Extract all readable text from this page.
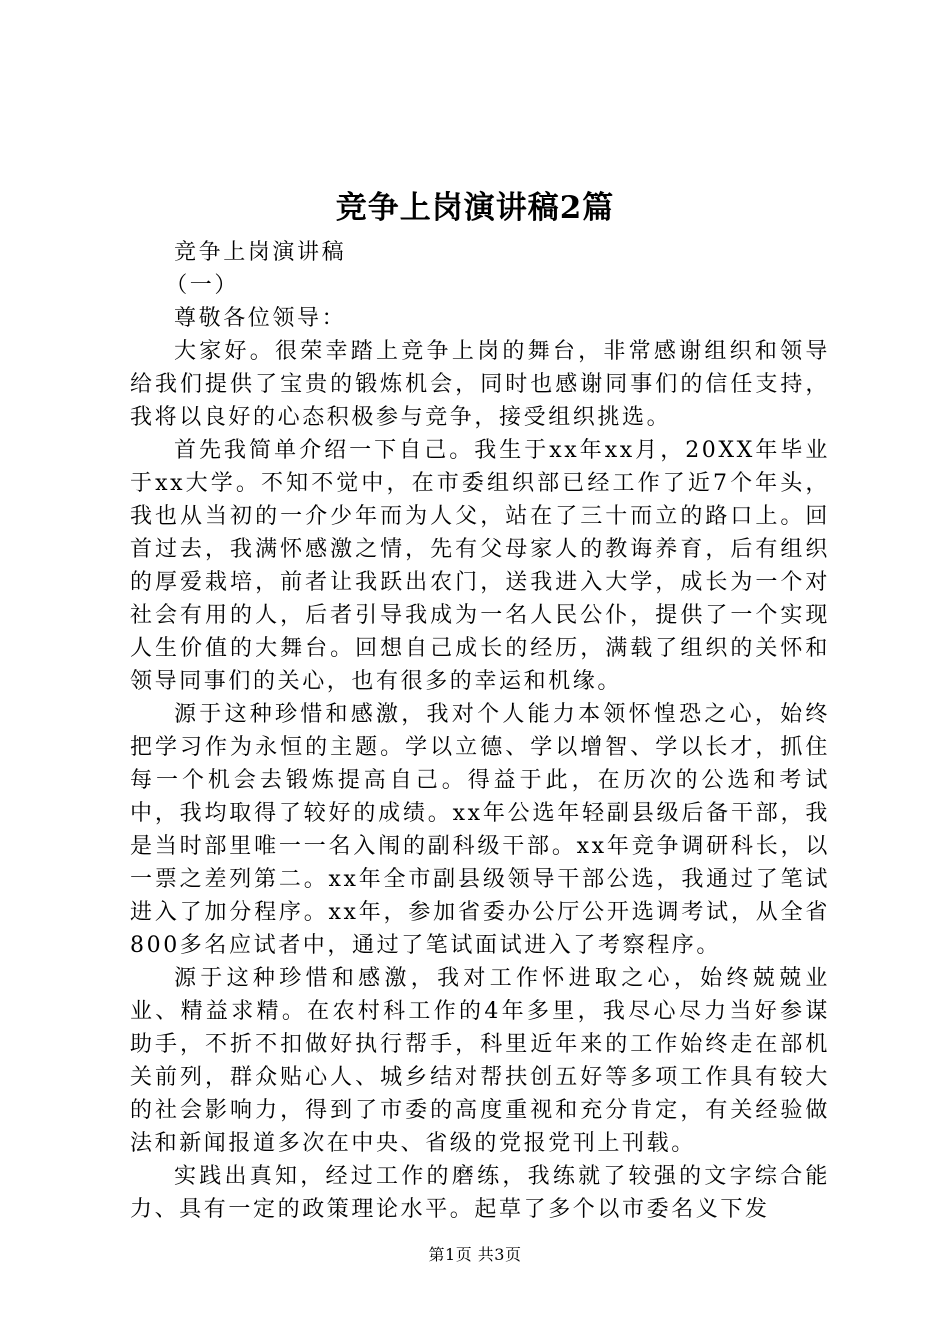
竞争上岗演讲稿2篇

竞争上岗演讲稿

（一）

尊敬各位领导：

大家好。很荣幸踏上竞争上岗的舞台，非常感谢组织和领导给我们提供了宝贵的锻炼机会，同时也感谢同事们的信任支持，我将以良好的心态积极参与竞争，接受组织挑选。

首先我简单介绍一下自己。我生于xx年xx月，20XX年毕业于xx大学。不知不觉中，在市委组织部已经工作了近7个年头，我也从当初的一介少年而为人父，站在了三十而立的路口上。回首过去，我满怀感激之情，先有父母家人的教诲养育，后有组织的厚爱栽培，前者让我跃出农门，送我进入大学，成长为一个对社会有用的人，后者引导我成为一名人民公仆，提供了一个实现人生价值的大舞台。回想自己成长的经历，满载了组织的关怀和领导同事们的关心，也有很多的幸运和机缘。

源于这种珍惜和感激，我对个人能力本领怀惶恐之心，始终把学习作为永恒的主题。学以立德、学以增智、学以长才，抓住每一个机会去锻炼提高自己。得益于此，在历次的公选和考试中，我均取得了较好的成绩。xx年公选年轻副县级后备干部，我是当时部里唯一一名入闱的副科级干部。xx年竞争调研科长，以一票之差列第二。xx年全市副县级领导干部公选，我通过了笔试进入了加分程序。xx年，参加省委办公厅公开选调考试，从全省800多名应试者中，通过了笔试面试进入了考察程序。

源于这种珍惜和感激，我对工作怀进取之心，始终兢兢业业、精益求精。在农村科工作的4年多里，我尽心尽力当好参谋助手，不折不扣做好执行帮手，科里近年来的工作始终走在部机关前列，群众贴心人、城乡结对帮扶创五好等多项工作具有较大的社会影响力，得到了市委的高度重视和充分肯定，有关经验做法和新闻报道多次在中央、省级的党报党刊上刊载。

实践出真知，经过工作的磨练，我练就了较强的文字综合能力、具有一定的政策理论水平。起草了多个以市委名义下发

第1页 共3页
